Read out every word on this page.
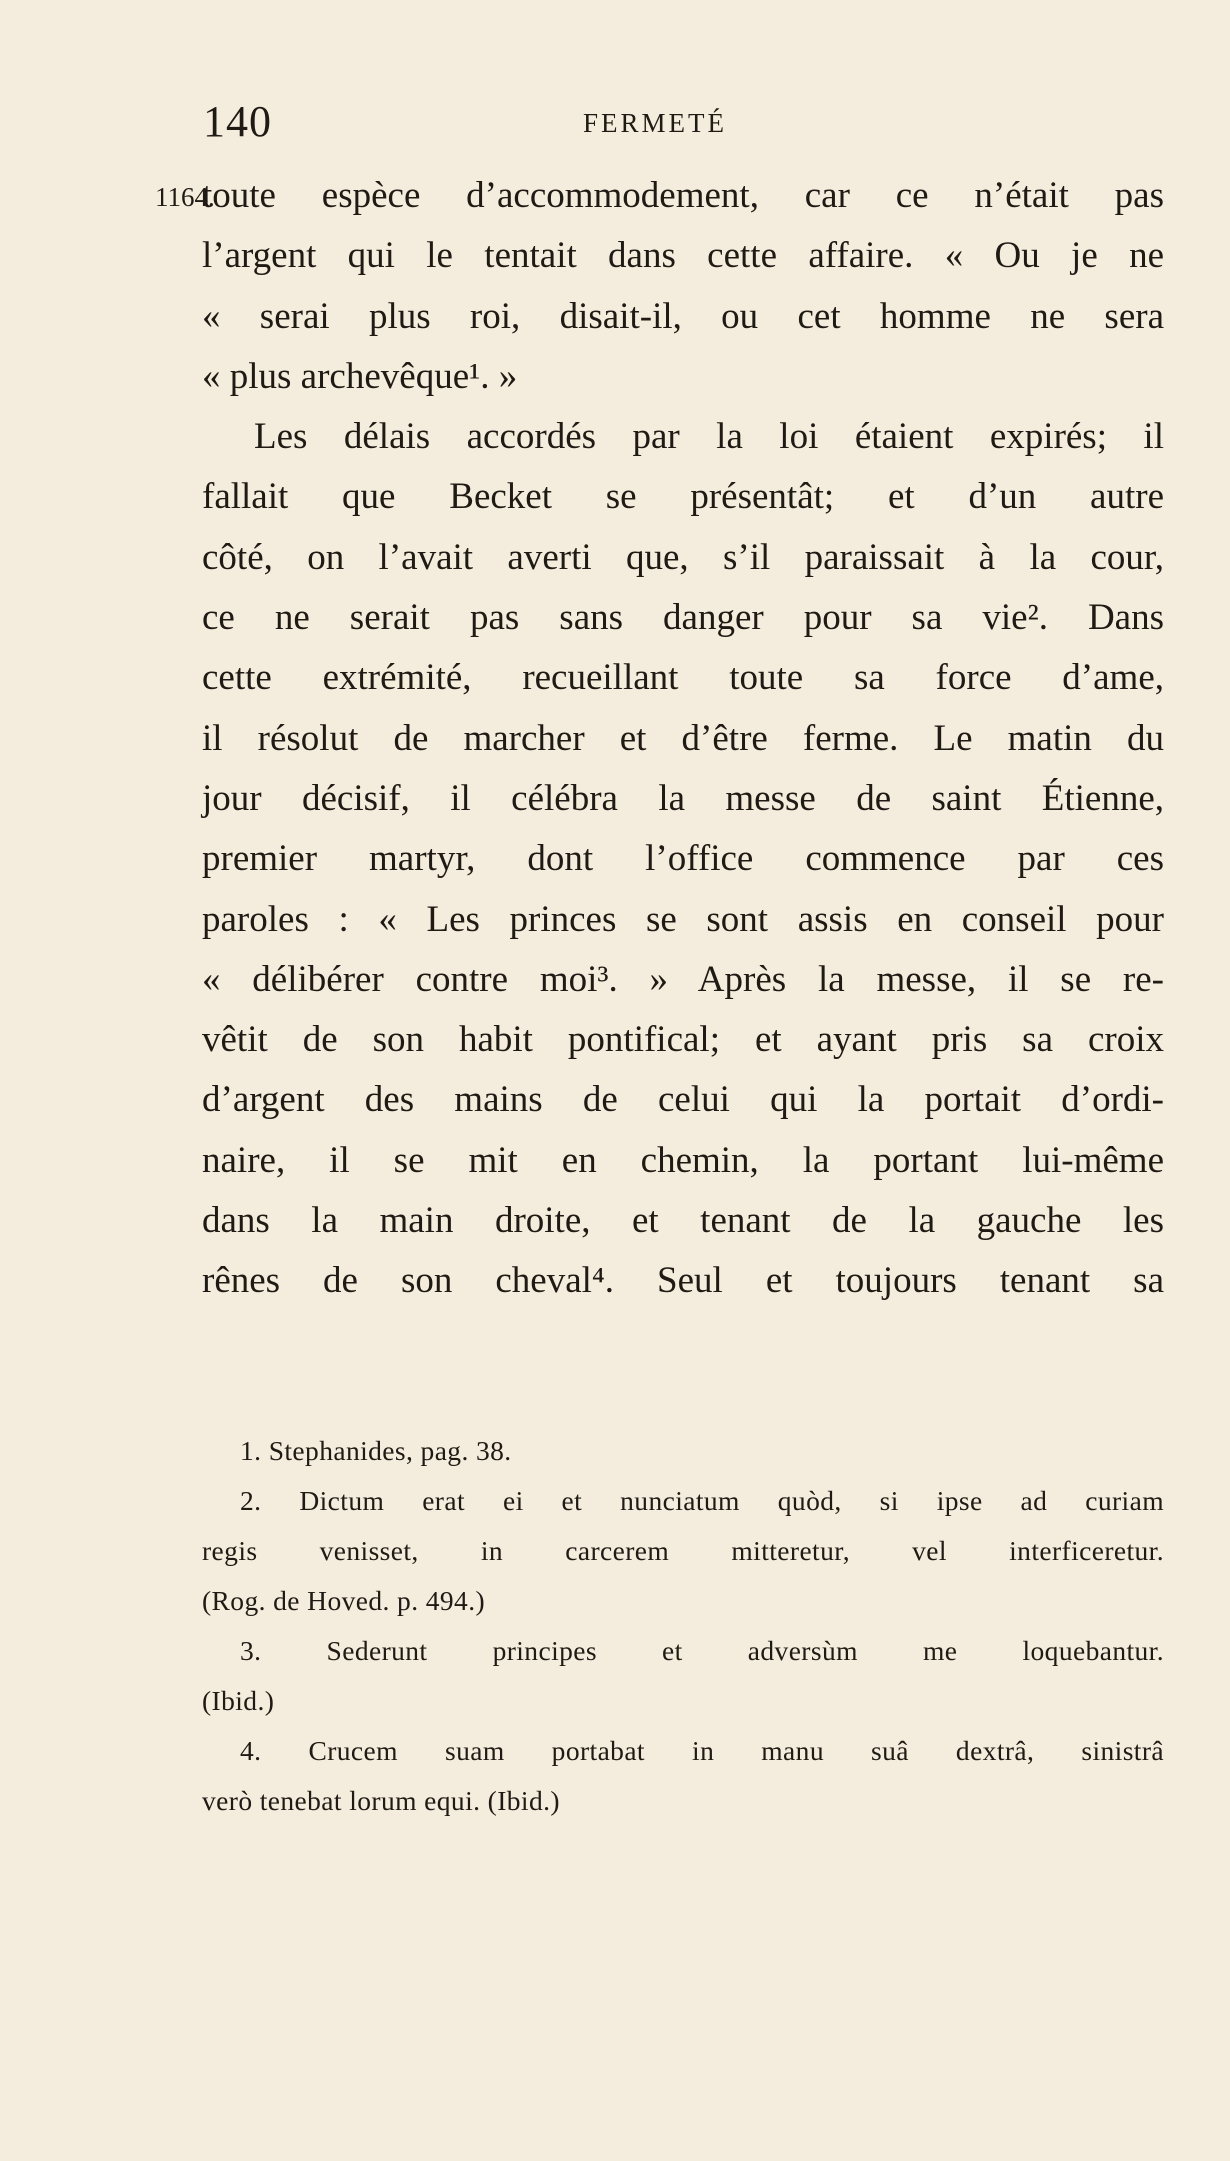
140	FERMETÉ
1164.
toute espèce d’accommodement, car ce n’était pas
l’argent qui le tentait dans cette affaire. « Ou je ne
« serai plus roi, disait-il, ou cet homme ne sera
« plus archevêque¹. »
Les délais accordés par la loi étaient expirés; il
fallait que Becket se présentât; et d’un autre
côté, on l’avait averti que, s’il paraissait à la cour,
ce ne serait pas sans danger pour sa vie². Dans
cette extrémité, recueillant toute sa force d’ame,
il résolut de marcher et d’être ferme. Le matin du
jour décisif, il célébra la messe de saint Étienne,
premier martyr, dont l’office commence par ces
paroles : « Les princes se sont assis en conseil pour
« délibérer contre moi³. » Après la messe, il se re-
vêtit de son habit pontifical; et ayant pris sa croix
d’argent des mains de celui qui la portait d’ordi-
naire, il se mit en chemin, la portant lui-même
dans la main droite, et tenant de la gauche les
rênes de son cheval⁴. Seul et toujours tenant sa
1. Stephanides, pag. 38.
2. Dictum erat ei et nunciatum quòd, si ipse ad curiam
regis venisset, in carcerem mitteretur, vel interficeretur.
(Rog. de Hoved. p. 494.)
3. Sederunt principes et adversùm me loquebantur.
(Ibid.)
4. Crucem suam portabat in manu suâ dextrâ, sinistrâ
verò tenebat lorum equi. (Ibid.)
